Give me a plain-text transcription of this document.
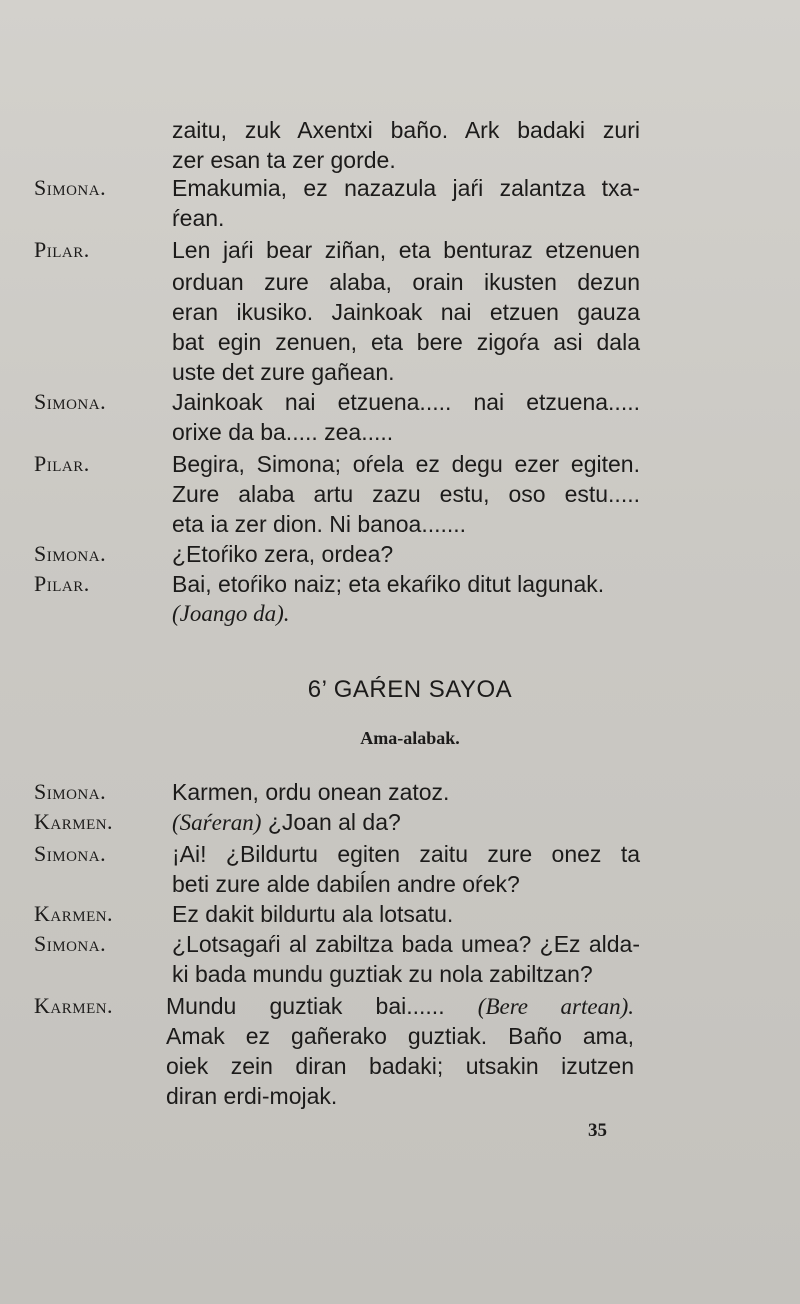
zaitu, zuk Axentxi baño. Ark badaki zuri
zer esan ta zer gorde.
Simona.	Emakumia, ez nazazula jaŕi zalantza txa-
ŕean.
Pilar.	Len jaŕi bear ziñan, eta benturaz etzenuen
orduan zure alaba, orain ikusten dezun
eran ikusiko. Jainkoak nai etzuen gauza
bat egin zenuen, eta bere zigoŕa asi dala
uste det zure gañean.
Simona.	Jainkoak nai etzuena..... nai etzuena.....
orixe da ba..... zea.....
Pilar.	Begira, Simona; oŕela ez degu ezer egiten.
Zure alaba artu zazu estu, oso estu.....
eta ia zer dion. Ni banoa.......
Simona.	¿Etoŕiko zera, ordea?
Pilar.	Bai, etoŕiko naiz; eta ekaŕiko ditut lagunak.
(Joango da).
6’ GAŔEN SAYOA
Ama-alabak.
Simona.	Karmen, ordu onean zatoz.
Karmen.	(Saŕeran) ¿Joan al da?
Simona.	¡Ai! ¿Bildurtu egiten zaitu zure onez ta
beti zure alde dabiĺen andre oŕek?
Karmen.	Ez dakit bildurtu ala lotsatu.
Simona.	¿Lotsagaŕi al zabiltza bada umea? ¿Ez alda-
ki bada mundu guztiak zu nola zabiltzan?
Karmen. Mundu guztiak bai...... (Bere artean).
Amak ez gañerako guztiak. Baño ama,
oiek zein diran badaki; utsakin izutzen
diran erdi-mojak.
35
